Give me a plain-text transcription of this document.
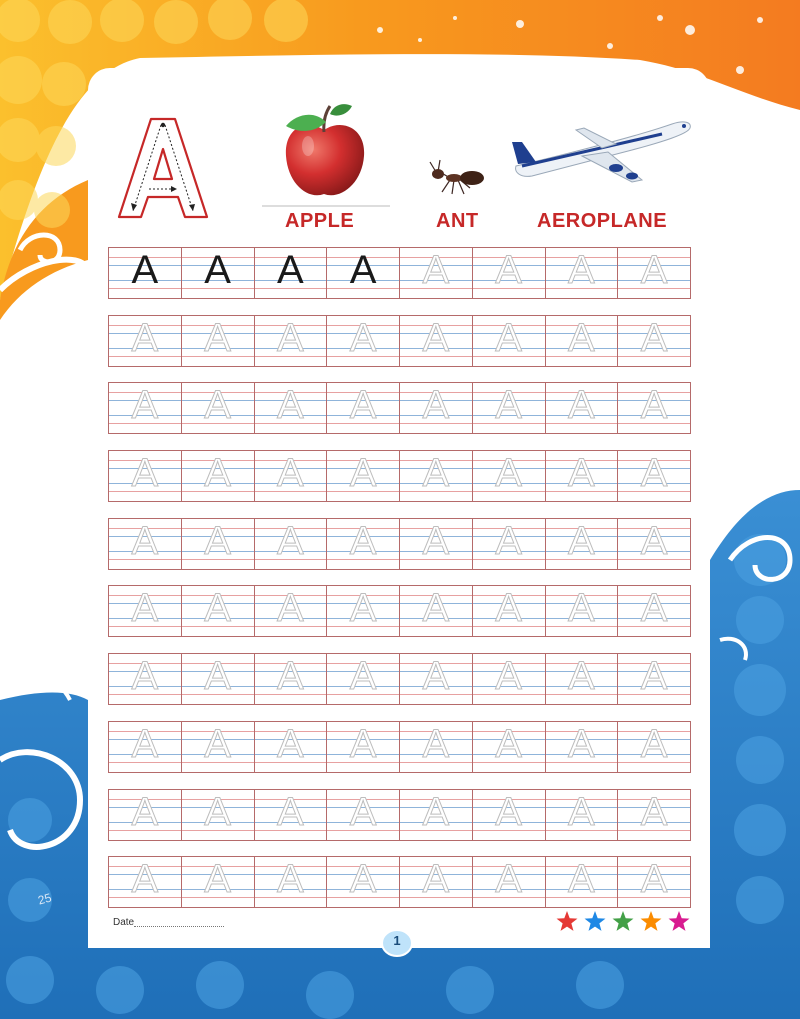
APPLE	ANT	AEROPLANE
A	A	A	A	A	A	A	A
A	A	A	A	A	A	A	A
A	A	A	A	A	A	A	A
A	A	A	A	A	A	A	A
A	A	A	A	A	A	A	A
A	A	A	A	A	A	A	A
A	A	A	A	A	A	A	A
A	A	A	A	A	A	A	A
A	A	A	A	A	A	A	A
A	A	A	A	A	A	A	A
Date
1
25
